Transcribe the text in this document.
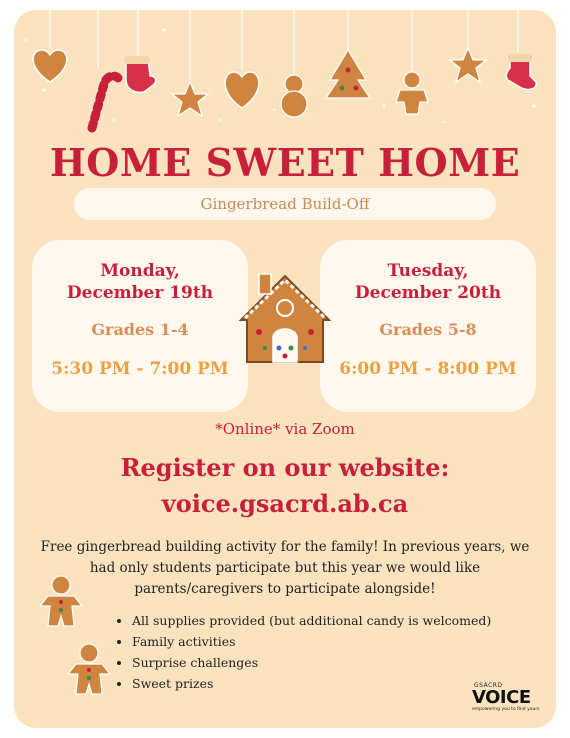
HOME SWEET HOME
Gingerbread Build-Off
Monday,
December 19th
Grades 1-4
5:30 PM - 7:00 PM
Tuesday,
December 20th
Grades 5-8
6:00 PM - 8:00 PM
*Online* via Zoom
Register on our website:
voice.gsacrd.ab.ca
Free gingerbread building activity for the family! In previous years, we had only students participate but this year we would like parents/caregivers to participate alongside!
• All supplies provided (but additional candy is welcomed)
• Family activities
• Surprise challenges
• Sweet prizes	GSACRD
VOICE
empowering you to find yours
